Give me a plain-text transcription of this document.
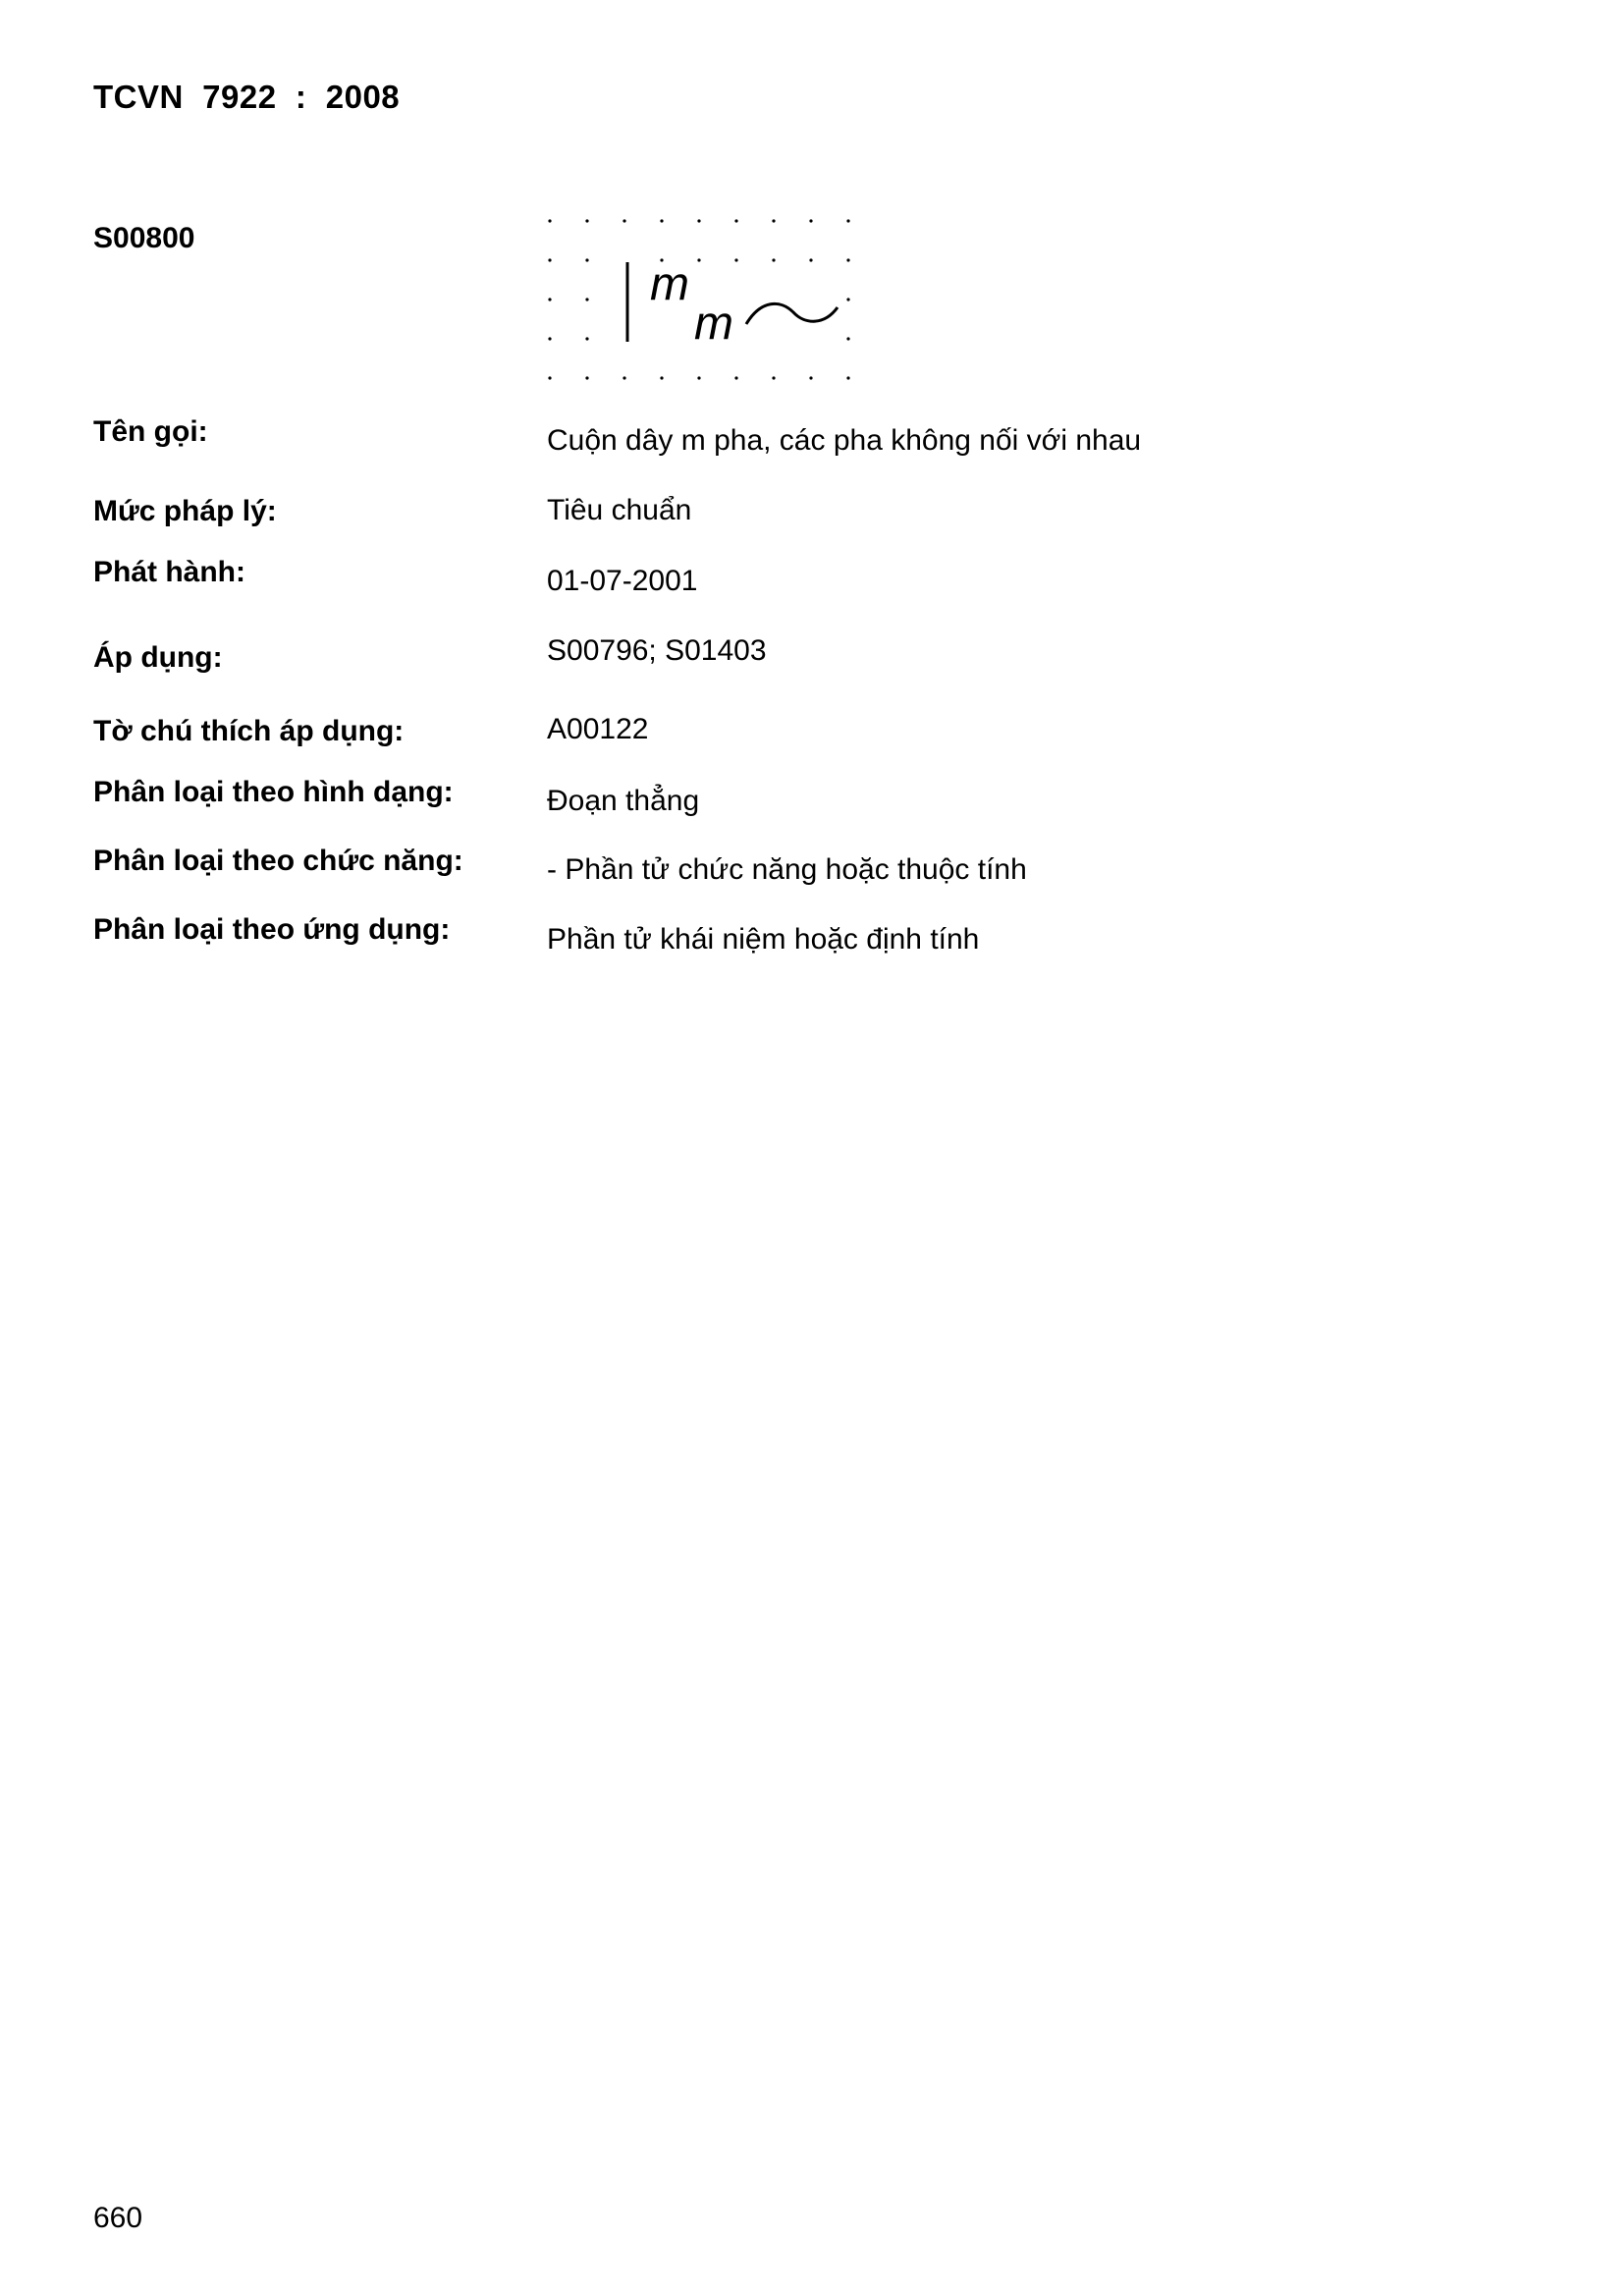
TCVN  7922  :  2008
S00800
m
m
Tên gọi:	Cuộn dây m pha, các pha không nối với nhau
Mức pháp lý:	Tiêu chuẩn
Phát hành:	01-07-2001
Áp dụng:	S00796; S01403
Tờ chú thích áp dụng:	A00122
Phân loại theo hình dạng:	Đoạn thẳng
Phân loại theo chức năng:	- Phần tử chức năng hoặc thuộc tính
Phân loại theo ứng dụng:	Phần tử khái niệm hoặc định tính
660
